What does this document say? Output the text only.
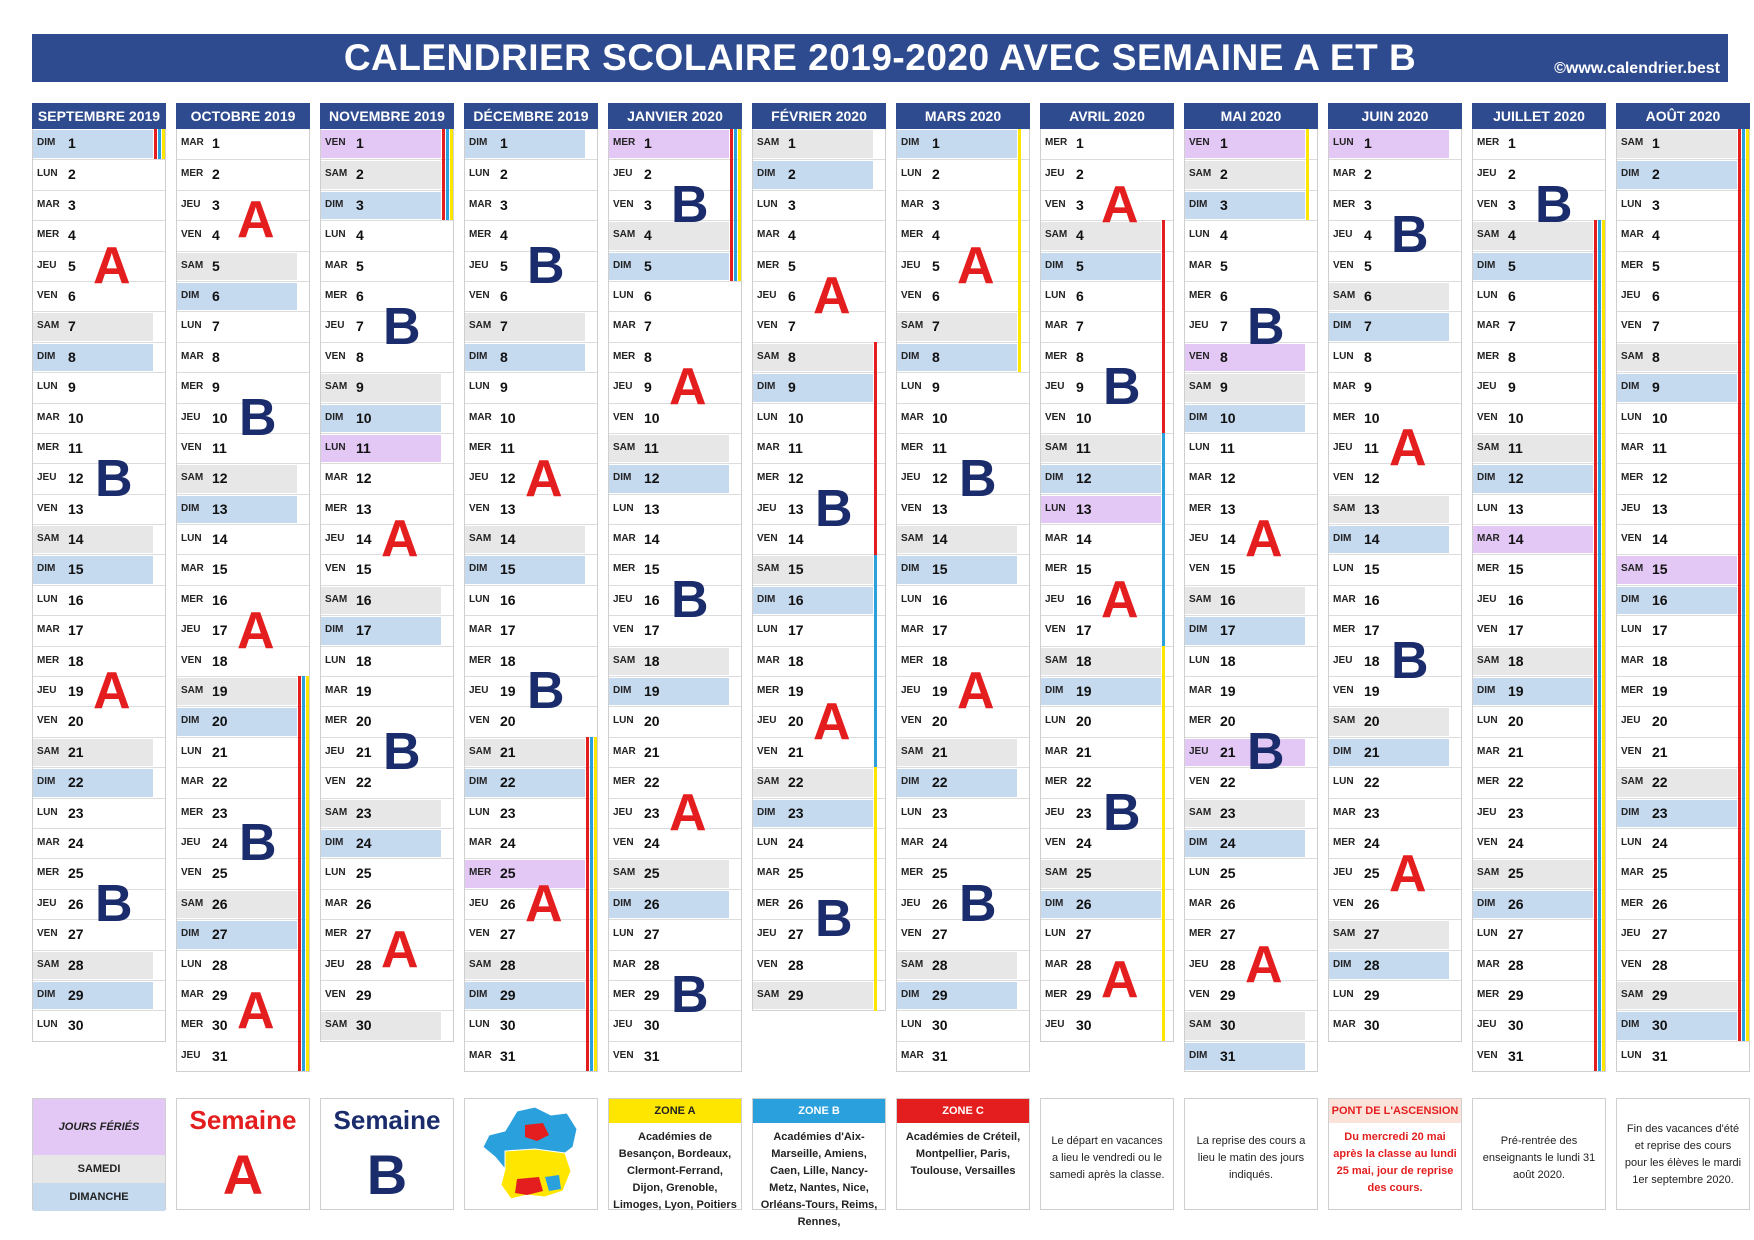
CALENDRIER SCOLAIRE 2019-2020 AVEC SEMAINE A ET B	©www.calendrier.best
SEPTEMBRE 2019
DIM 1
LUN 2
MAR 3
MER 4
JEU 5
VEN 6
SAM 7
DIM 8
LUN 9
MAR 10
MER 11
JEU 12
VEN 13
SAM 14
DIM 15
LUN 16
MAR 17
MER 18
JEU 19
VEN 20
SAM 21
DIM 22
LUN 23
MAR 24
MER 25
JEU 26
VEN 27
SAM 28
DIM 29
LUN 30
A
B
A
B
OCTOBRE 2019
MAR 1
MER 2
JEU 3
VEN 4
SAM 5
DIM 6
LUN 7
MAR 8
MER 9
JEU 10
VEN 11
SAM 12
DIM 13
LUN 14
MAR 15
MER 16
JEU 17
VEN 18
SAM 19
DIM 20
LUN 21
MAR 22
MER 23
JEU 24
VEN 25
SAM 26
DIM 27
LUN 28
MAR 29
MER 30
JEU 31
A
B
A
B
A
NOVEMBRE 2019
VEN 1
SAM 2
DIM 3
LUN 4
MAR 5
MER 6
JEU 7
VEN 8
SAM 9
DIM 10
LUN 11
MAR 12
MER 13
JEU 14
VEN 15
SAM 16
DIM 17
LUN 18
MAR 19
MER 20
JEU 21
VEN 22
SAM 23
DIM 24
LUN 25
MAR 26
MER 27
JEU 28
VEN 29
SAM 30
B
A
B
A
DÉCEMBRE 2019
DIM 1
LUN 2
MAR 3
MER 4
JEU 5
VEN 6
SAM 7
DIM 8
LUN 9
MAR 10
MER 11
JEU 12
VEN 13
SAM 14
DIM 15
LUN 16
MAR 17
MER 18
JEU 19
VEN 20
SAM 21
DIM 22
LUN 23
MAR 24
MER 25
JEU 26
VEN 27
SAM 28
DIM 29
LUN 30
MAR 31
B
A
B
A
JANVIER 2020
MER 1
JEU 2
VEN 3
SAM 4
DIM 5
LUN 6
MAR 7
MER 8
JEU 9
VEN 10
SAM 11
DIM 12
LUN 13
MAR 14
MER 15
JEU 16
VEN 17
SAM 18
DIM 19
LUN 20
MAR 21
MER 22
JEU 23
VEN 24
SAM 25
DIM 26
LUN 27
MAR 28
MER 29
JEU 30
VEN 31
B
A
B
A
B
FÉVRIER 2020
SAM 1
DIM 2
LUN 3
MAR 4
MER 5
JEU 6
VEN 7
SAM 8
DIM 9
LUN 10
MAR 11
MER 12
JEU 13
VEN 14
SAM 15
DIM 16
LUN 17
MAR 18
MER 19
JEU 20
VEN 21
SAM 22
DIM 23
LUN 24
MAR 25
MER 26
JEU 27
VEN 28
SAM 29
A
B
A
B
MARS 2020
DIM 1
LUN 2
MAR 3
MER 4
JEU 5
VEN 6
SAM 7
DIM 8
LUN 9
MAR 10
MER 11
JEU 12
VEN 13
SAM 14
DIM 15
LUN 16
MAR 17
MER 18
JEU 19
VEN 20
SAM 21
DIM 22
LUN 23
MAR 24
MER 25
JEU 26
VEN 27
SAM 28
DIM 29
LUN 30
MAR 31
A
B
A
B
AVRIL 2020
MER 1
JEU 2
VEN 3
SAM 4
DIM 5
LUN 6
MAR 7
MER 8
JEU 9
VEN 10
SAM 11
DIM 12
LUN 13
MAR 14
MER 15
JEU 16
VEN 17
SAM 18
DIM 19
LUN 20
MAR 21
MER 22
JEU 23
VEN 24
SAM 25
DIM 26
LUN 27
MAR 28
MER 29
JEU 30
A
B
A
B
A
MAI 2020
VEN 1
SAM 2
DIM 3
LUN 4
MAR 5
MER 6
JEU 7
VEN 8
SAM 9
DIM 10
LUN 11
MAR 12
MER 13
JEU 14
VEN 15
SAM 16
DIM 17
LUN 18
MAR 19
MER 20
JEU 21
VEN 22
SAM 23
DIM 24
LUN 25
MAR 26
MER 27
JEU 28
VEN 29
SAM 30
DIM 31
B
A
B
A
JUIN 2020
LUN 1
MAR 2
MER 3
JEU 4
VEN 5
SAM 6
DIM 7
LUN 8
MAR 9
MER 10
JEU 11
VEN 12
SAM 13
DIM 14
LUN 15
MAR 16
MER 17
JEU 18
VEN 19
SAM 20
DIM 21
LUN 22
MAR 23
MER 24
JEU 25
VEN 26
SAM 27
DIM 28
LUN 29
MAR 30
B
A
B
A
JUILLET 2020
MER 1
JEU 2
VEN 3
SAM 4
DIM 5
LUN 6
MAR 7
MER 8
JEU 9
VEN 10
SAM 11
DIM 12
LUN 13
MAR 14
MER 15
JEU 16
VEN 17
SAM 18
DIM 19
LUN 20
MAR 21
MER 22
JEU 23
VEN 24
SAM 25
DIM 26
LUN 27
MAR 28
MER 29
JEU 30
VEN 31
B
AOÛT 2020
SAM 1
DIM 2
LUN 3
MAR 4
MER 5
JEU 6
VEN 7
SAM 8
DIM 9
LUN 10
MAR 11
MER 12
JEU 13
VEN 14
SAM 15
DIM 16
LUN 17
MAR 18
MER 19
JEU 20
VEN 21
SAM 22
DIM 23
LUN 24
MAR 25
MER 26
JEU 27
VEN 28
SAM 29
DIM 30
LUN 31
JOURS FÉRIÉS
SAMEDI
DIMANCHE
Semaine
A
Semaine
B
ZONE A
Académies de Besançon, Bordeaux, Clermont-Ferrand, Dijon, Grenoble, Limoges, Lyon, Poitiers
ZONE B
Académies d'Aix-Marseille, Amiens, Caen, Lille, Nancy-Metz, Nantes, Nice, Orléans-Tours, Reims, Rennes,
ZONE C
Académies de Créteil, Montpellier, Paris, Toulouse, Versailles
Le départ en vacances a lieu le vendredi ou le samedi après la classe.
La reprise des cours a lieu le matin des jours indiqués.
PONT DE L'ASCENSION
Du mercredi 20 mai après la classe au lundi 25 mai, jour de reprise des cours.
Pré-rentrée des enseignants le lundi 31 août 2020.
Fin des vacances d'été et reprise des cours pour les élèves le mardi 1er septembre 2020.
